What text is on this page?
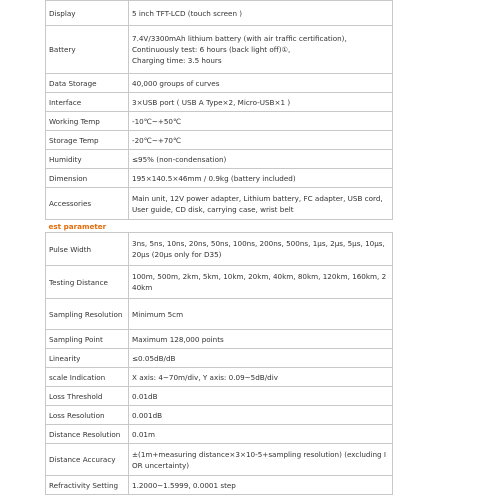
Display	5 inch TFT-LCD (touch screen )
Battery	7.4V/3300mAh lithium battery (with air traffic certification),
Continuously test: 6 hours (back light off)①,
Charging time: 3.5 hours

Data Storage	40,000 groups of curves
Interface	3×USB port ( USB A Type×2, Micro-USB×1 )
Working Temp	-10℃~+50℃
Storage Temp	-20℃~+70℃
Humidity	≤95% (non-condensation)
Dimension	195×140.5×46mm / 0.9kg (battery included)
Accessories	Main unit, 12V power adapter, Lithium battery, FC adapter, USB cord, User guide, CD disk, carrying case, wrist belt
est parameter	
Pulse Width	3ns, 5ns, 10ns, 20ns, 50ns, 100ns, 200ns, 500ns, 1μs, 2μs, 5μs, 10μs, 20μs (20μs only for D35)
Testing Distance	100m, 500m, 2km, 5km, 10km, 20km, 40km, 80km, 120km, 160km, 240km
Sampling Resolution	Minimum 5cm
Sampling Point	Maximum 128,000 points
Linearity	≤0.05dB/dB
scale Indication	X axis: 4~70m/div, Y axis: 0.09~5dB/div
Loss Threshold	0.01dB
Loss Resolution	0.001dB
Distance Resolution	0.01m
Distance Accuracy	±(1m+measuring distance×3×10-5+sampling resolution) (excluding IOR uncertainty)
Refractivity Setting	1.2000~1.5999, 0.0001 step
